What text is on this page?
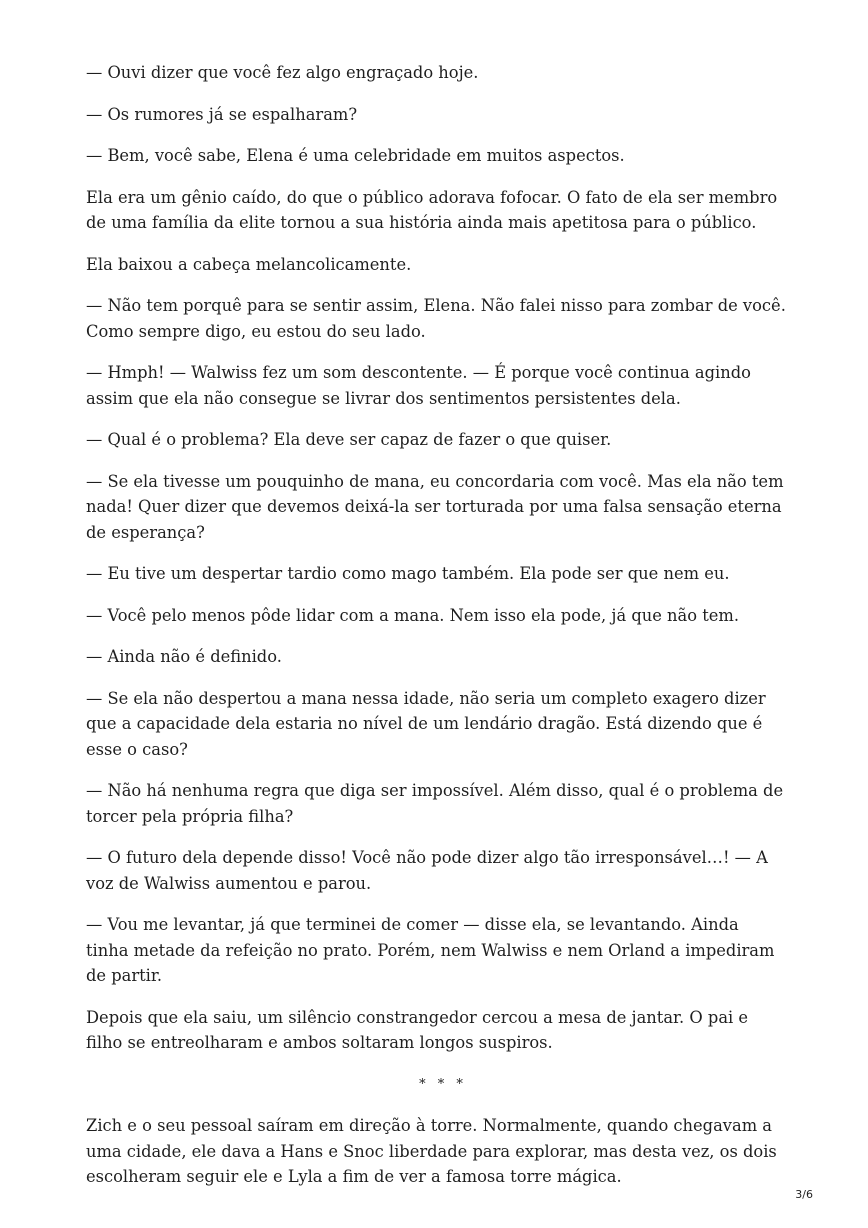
— Ouvi dizer que você fez algo engraçado hoje.

— Os rumores já se espalharam?

— Bem, você sabe, Elena é uma celebridade em muitos aspectos.

Ela era um gênio caído, do que o público adorava fofocar. O fato de ela ser membro de uma família da elite tornou a sua história ainda mais apetitosa para o público.

Ela baixou a cabeça melancolicamente.

— Não tem porquê para se sentir assim, Elena. Não falei nisso para zombar de você. Como sempre digo, eu estou do seu lado.

— Hmph! — Walwiss fez um som descontente. — É porque você continua agindo assim que ela não consegue se livrar dos sentimentos persistentes dela.

— Qual é o problema? Ela deve ser capaz de fazer o que quiser.

— Se ela tivesse um pouquinho de mana, eu concordaria com você. Mas ela não tem nada! Quer dizer que devemos deixá-la ser torturada por uma falsa sensação eterna de esperança?

— Eu tive um despertar tardio como mago também. Ela pode ser que nem eu.

— Você pelo menos pôde lidar com a mana. Nem isso ela pode, já que não tem.

— Ainda não é definido.

— Se ela não despertou a mana nessa idade, não seria um completo exagero dizer que a capacidade dela estaria no nível de um lendário dragão. Está dizendo que é esse o caso?

— Não há nenhuma regra que diga ser impossível. Além disso, qual é o problema de torcer pela própria filha?

— O futuro dela depende disso! Você não pode dizer algo tão irresponsável…! — A voz de Walwiss aumentou e parou.

— Vou me levantar, já que terminei de comer — disse ela, se levantando. Ainda tinha metade da refeição no prato. Porém, nem Walwiss e nem Orland a impediram de partir.

Depois que ela saiu, um silêncio constrangedor cercou a mesa de jantar. O pai e filho se entreolharam e ambos soltaram longos suspiros.

* * *

Zich e o seu pessoal saíram em direção à torre. Normalmente, quando chegavam a uma cidade, ele dava a Hans e Snoc liberdade para explorar, mas desta vez, os dois escolheram seguir ele e Lyla a fim de ver a famosa torre mágica.

3/6
